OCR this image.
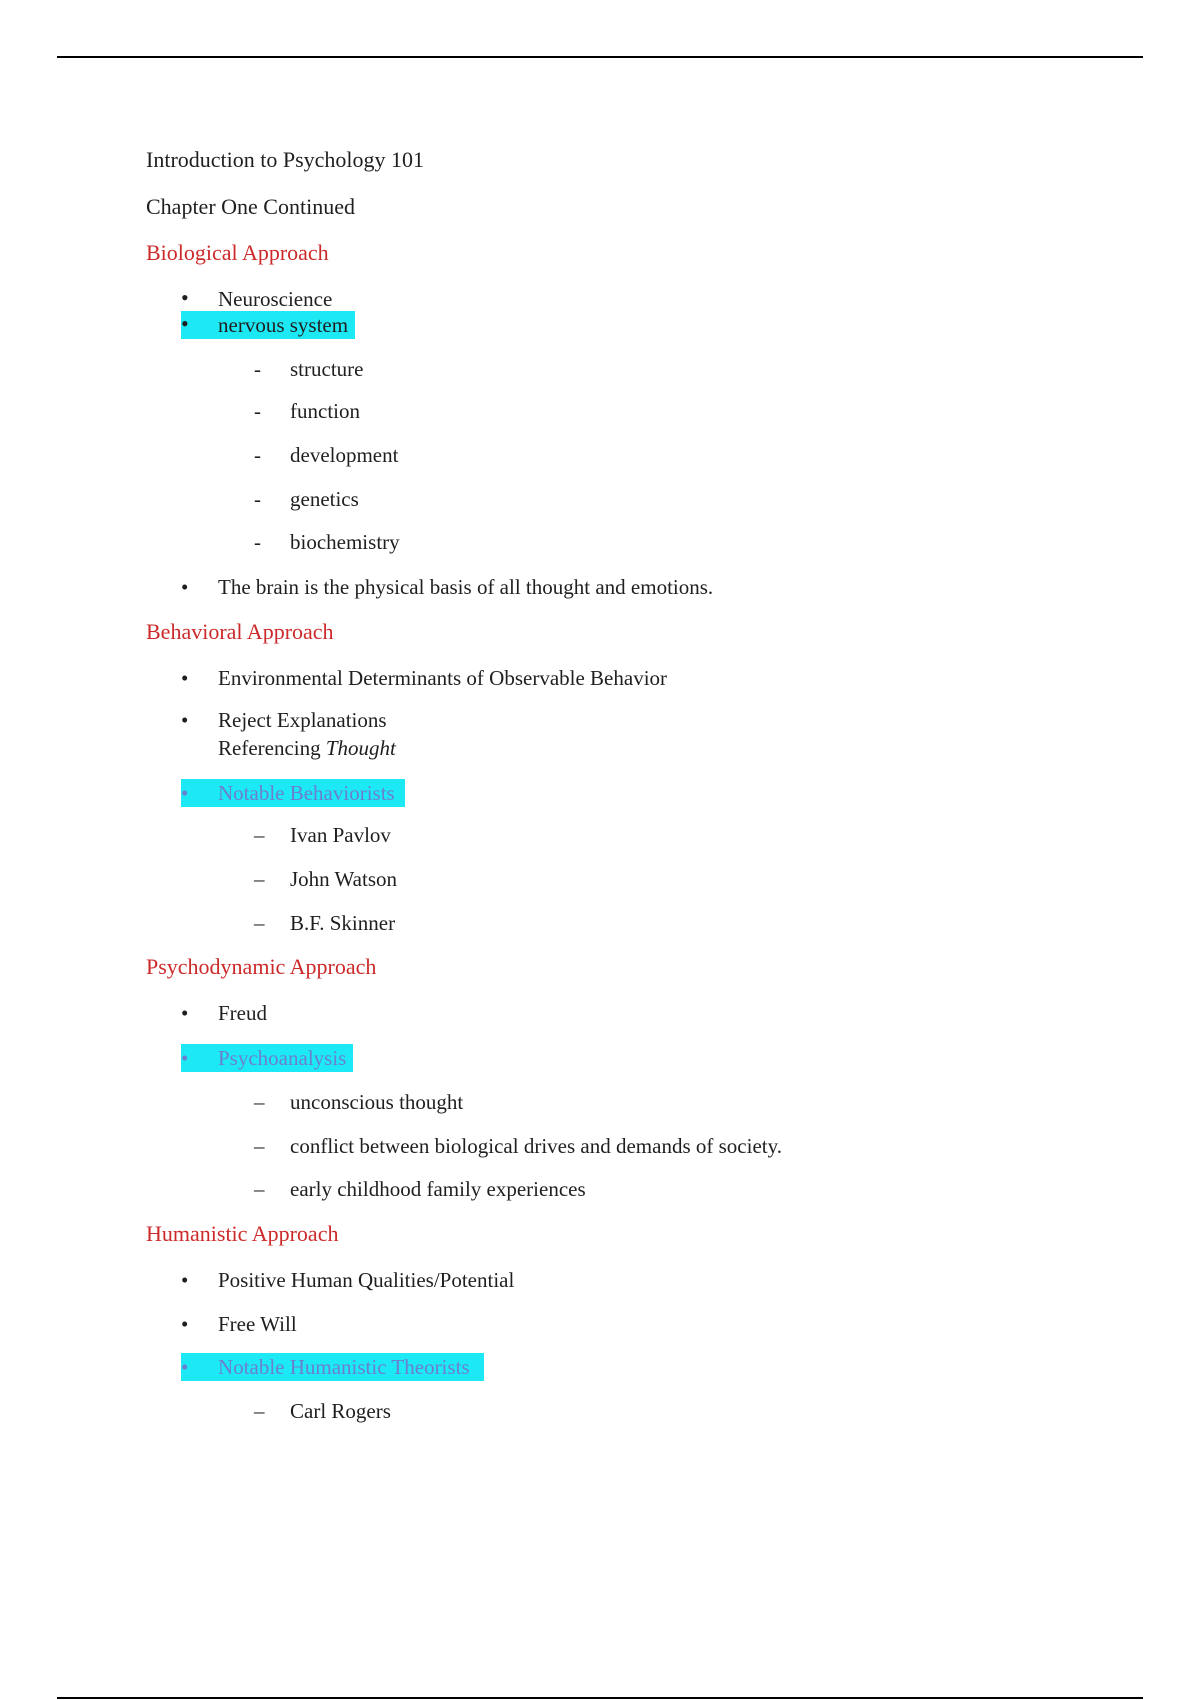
Introduction to Psychology 101
Chapter One Continued
Biological Approach
• Neuroscience
• nervous system
- structure
- function
- development
- genetics
- biochemistry
• The brain is the physical basis of all thought and emotions.
Behavioral Approach
• Environmental Determinants of Observable Behavior
• Reject Explanations
Referencing Thought
• Notable Behaviorists
– Ivan Pavlov
– John Watson
– B.F. Skinner
Psychodynamic Approach
• Freud
• Psychoanalysis
– unconscious thought
– conflict between biological drives and demands of society.
– early childhood family experiences
Humanistic Approach
• Positive Human Qualities/Potential
• Free Will
• Notable Humanistic Theorists
– Carl Rogers
